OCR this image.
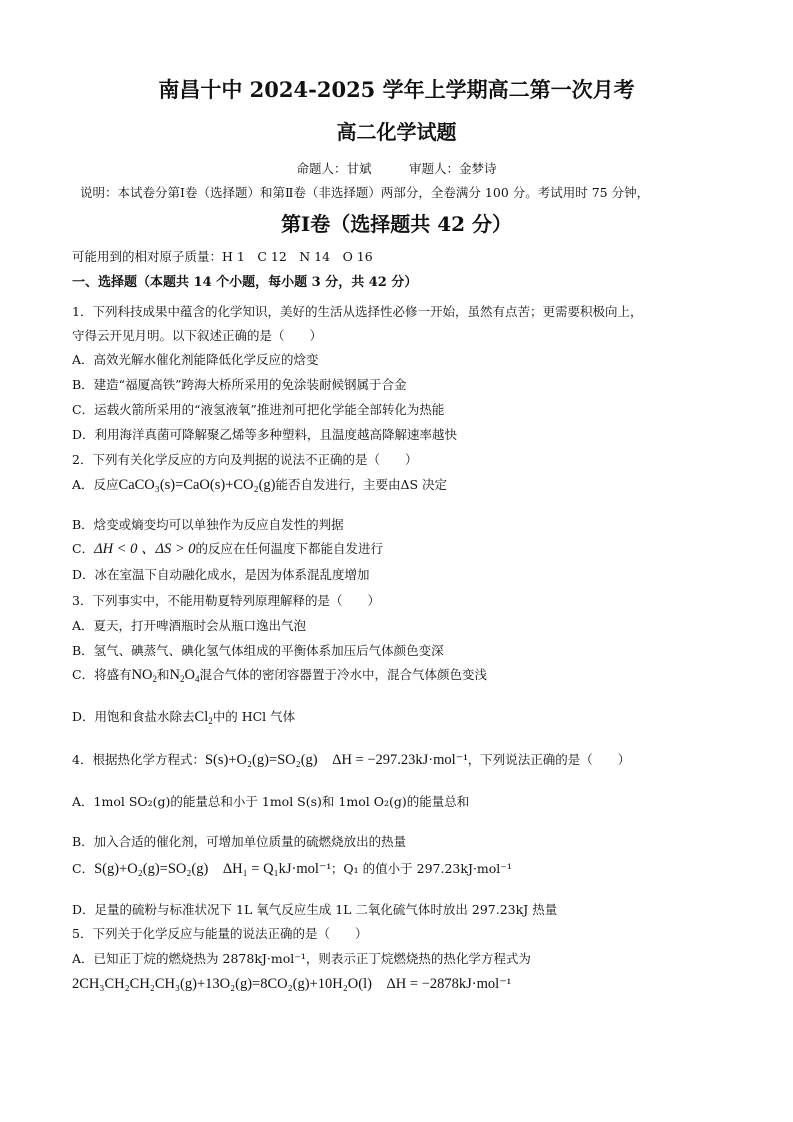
南昌十中 2024-2025 学年上学期高二第一次月考
高二化学试题
命题人：甘斌　　　审题人：金梦诗
说明：本试卷分第Ⅰ卷（选择题）和第Ⅱ卷（非选择题）两部分，全卷满分 100 分。考试用时 75 分钟，
第Ⅰ卷（选择题共 42 分）
可能用到的相对原子质量：H 1　C 12　N 14　O 16
一、选择题（本题共 14 个小题，每小题 3 分，共 42 分）
1．下列科技成果中蕴含的化学知识，美好的生活从选择性必修一开始，虽然有点苦；更需要积极向上，
守得云开见月明。以下叙述正确的是（　　）
A．高效光解水催化剂能降低化学反应的焓变
B．建造“福厦高铁”跨海大桥所采用的免涂装耐候钢属于合金
C．运载火箭所采用的“液氢液氧”推进剂可把化学能全部转化为热能
D．利用海洋真菌可降解聚乙烯等多种塑料，且温度越高降解速率越快
2．下列有关化学反应的方向及判据的说法不正确的是（　　）
A．反应CaCO₃(s)=CaO(s)+CO₂(g)能否自发进行，主要由ΔS 决定
B．焓变或熵变均可以单独作为反应自发性的判据
C．ΔH < 0 、ΔS > 0的反应在任何温度下都能自发进行
D．冰在室温下自动融化成水，是因为体系混乱度增加
3．下列事实中，不能用勒夏特列原理解释的是（　　）
A．夏天，打开啤酒瓶时会从瓶口逸出气泡
B．氢气、碘蒸气、碘化氢气体组成的平衡体系加压后气体颜色变深
C．将盛有$NO_2$和$N_2O_4$混合气体的密闭容器置于冷水中，混合气体颜色变浅
D．用饱和食盐水除去$Cl_2$中的 HCl 气体
4．根据热化学方程式：S(s)+O₂(g)=SO₂(g)　ΔH = −297.23kJ·mol⁻¹，下列说法正确的是（　　）
A．1mol SO₂(g)的能量总和小于 1mol S(s)和 1mol O₂(g)的能量总和
B．加入合适的催化剂，可增加单位质量的硫燃烧放出的热量
C．S(g)+O₂(g)=SO₂(g)　ΔH₁ = Q₁kJ·mol⁻¹；Q₁ 的值小于 297.23kJ·mol⁻¹
D．足量的硫粉与标准状况下 1L 氧气反应生成 1L 二氧化硫气体时放出 297.23kJ 热量
5．下列关于化学反应与能量的说法正确的是（　　）
A．已知正丁烷的燃烧热为 2878kJ·mol⁻¹，则表示正丁烷燃烧热的热化学方程式为
2CH₃CH₂CH₂CH₃(g)+13O₂(g)=8CO₂(g)+10H₂O(l)　ΔH = −2878kJ·mol⁻¹
